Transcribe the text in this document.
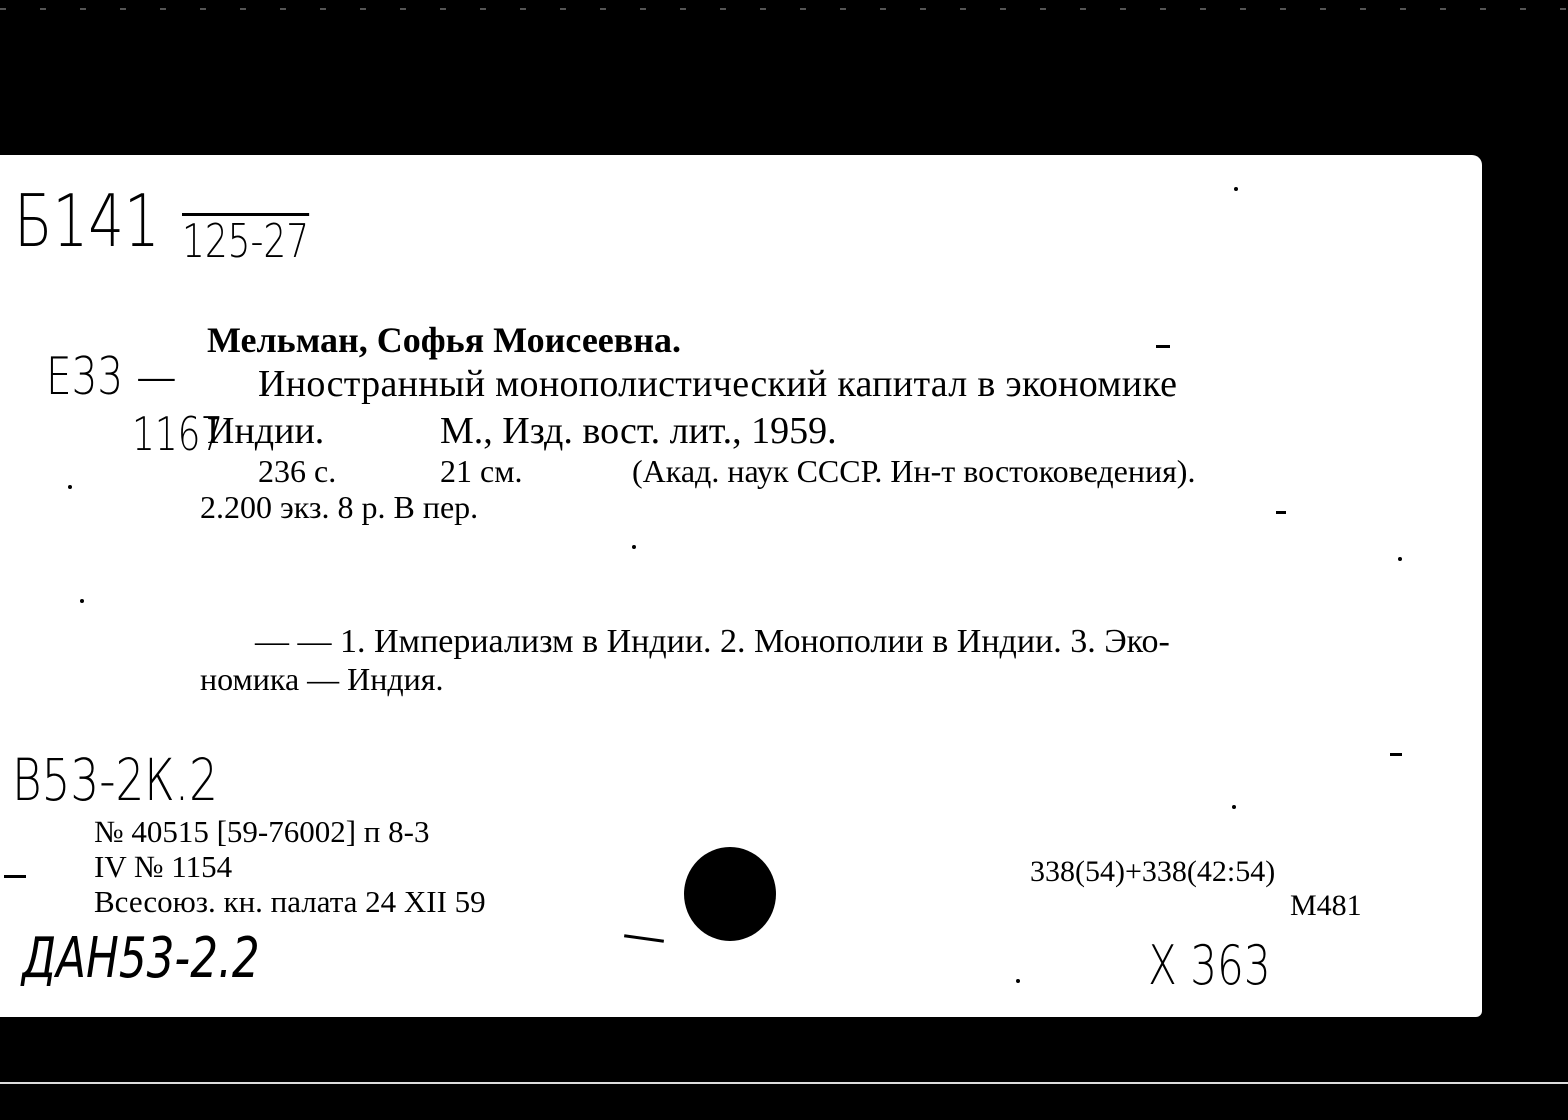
Б141 125-27
Е33 —
1167
Мельман, Софья Моисеевна.
Иностранный монополистический капитал в экономике
Индии.	М., Изд. вост. лит., 1959.
236 с.	21 см.	(Акад. наук СССР. Ин-т востоковедения).
2.200 экз. 8 р. В пер.
— — 1. Империализм в Индии. 2. Монополии в Индии. 3. Эко-
номика — Индия.
В53-2К.2
№ 40515 [59-76002] п 8-3
IV № 1154
Всесоюз. кн. палата 24 XII 59
338(54)+338(42:54)
М481
ДАН53-2.2	X 363
